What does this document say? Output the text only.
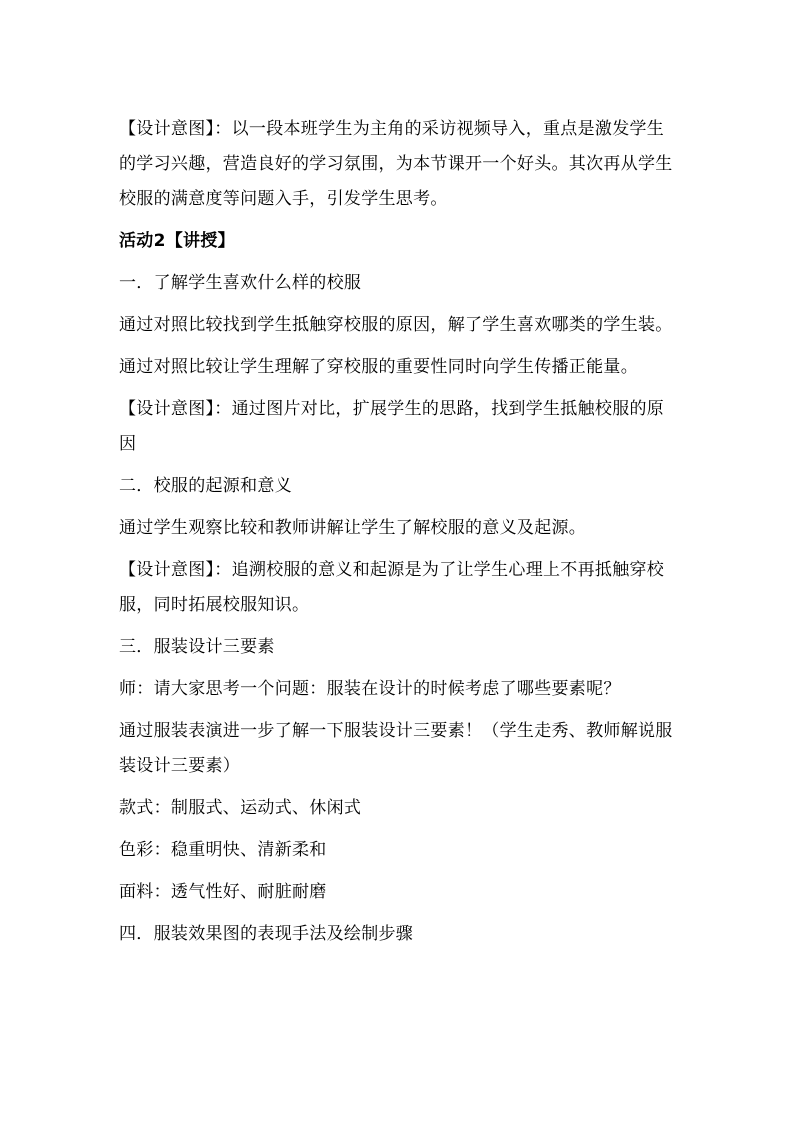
【设计意图】：以一段本班学生为主角的采访视频导入，重点是激发学生的学习兴趣，营造良好的学习氛围，为本节课开一个好头。其次再从学生校服的满意度等问题入手，引发学生思考。

活动2【讲授】

一．了解学生喜欢什么样的校服

通过对照比较找到学生抵触穿校服的原因，解了学生喜欢哪类的学生装。

通过对照比较让学生理解了穿校服的重要性同时向学生传播正能量。

【设计意图】：通过图片对比，扩展学生的思路，找到学生抵触校服的原因

二．校服的起源和意义

通过学生观察比较和教师讲解让学生了解校服的意义及起源。

【设计意图】：追溯校服的意义和起源是为了让学生心理上不再抵触穿校服，同时拓展校服知识。

三．服装设计三要素

师：请大家思考一个问题：服装在设计的时候考虑了哪些要素呢？

通过服装表演进一步了解一下服装设计三要素！（学生走秀、教师解说服装设计三要素）

款式：制服式、运动式、休闲式

色彩：稳重明快、清新柔和

面料：透气性好、耐脏耐磨

四．服装效果图的表现手法及绘制步骤
